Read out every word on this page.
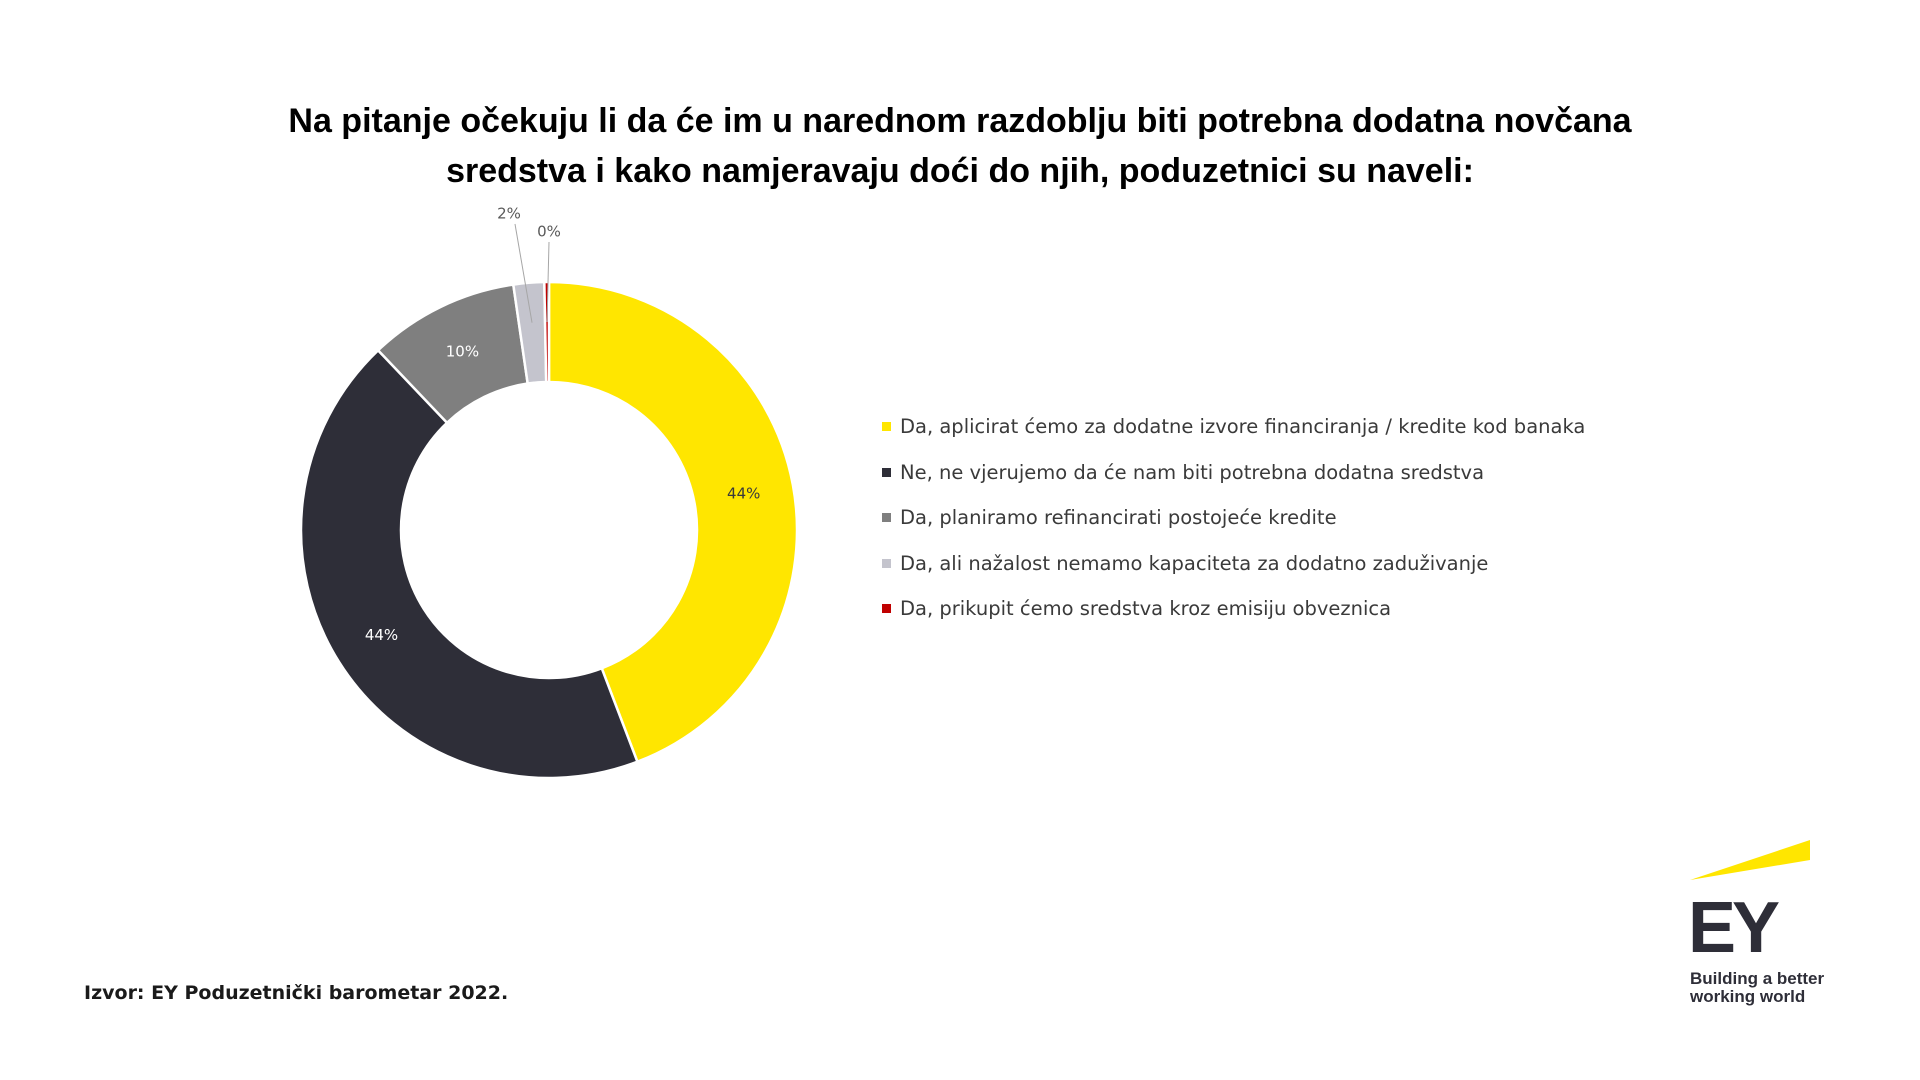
Na pitanje očekuju li da će im u narednom razdoblju biti potrebna dodatna novčana
sredstva i kako namjeravaju doći do njih, poduzetnici su naveli:
44%
44%
10%
2%
0%
Da, aplicirat ćemo za dodatne izvore financiranja / kredite kod banaka
Ne, ne vjerujemo da će nam biti potrebna dodatna sredstva
Da, planiramo refinancirati postojeće kredite
Da, ali nažalost nemamo kapaciteta za dodatno zaduživanje
Da, prikupit ćemo sredstva kroz emisiju obveznica
Izvor: EY Poduzetnički barometar 2022.
EY
Building a better
working world
